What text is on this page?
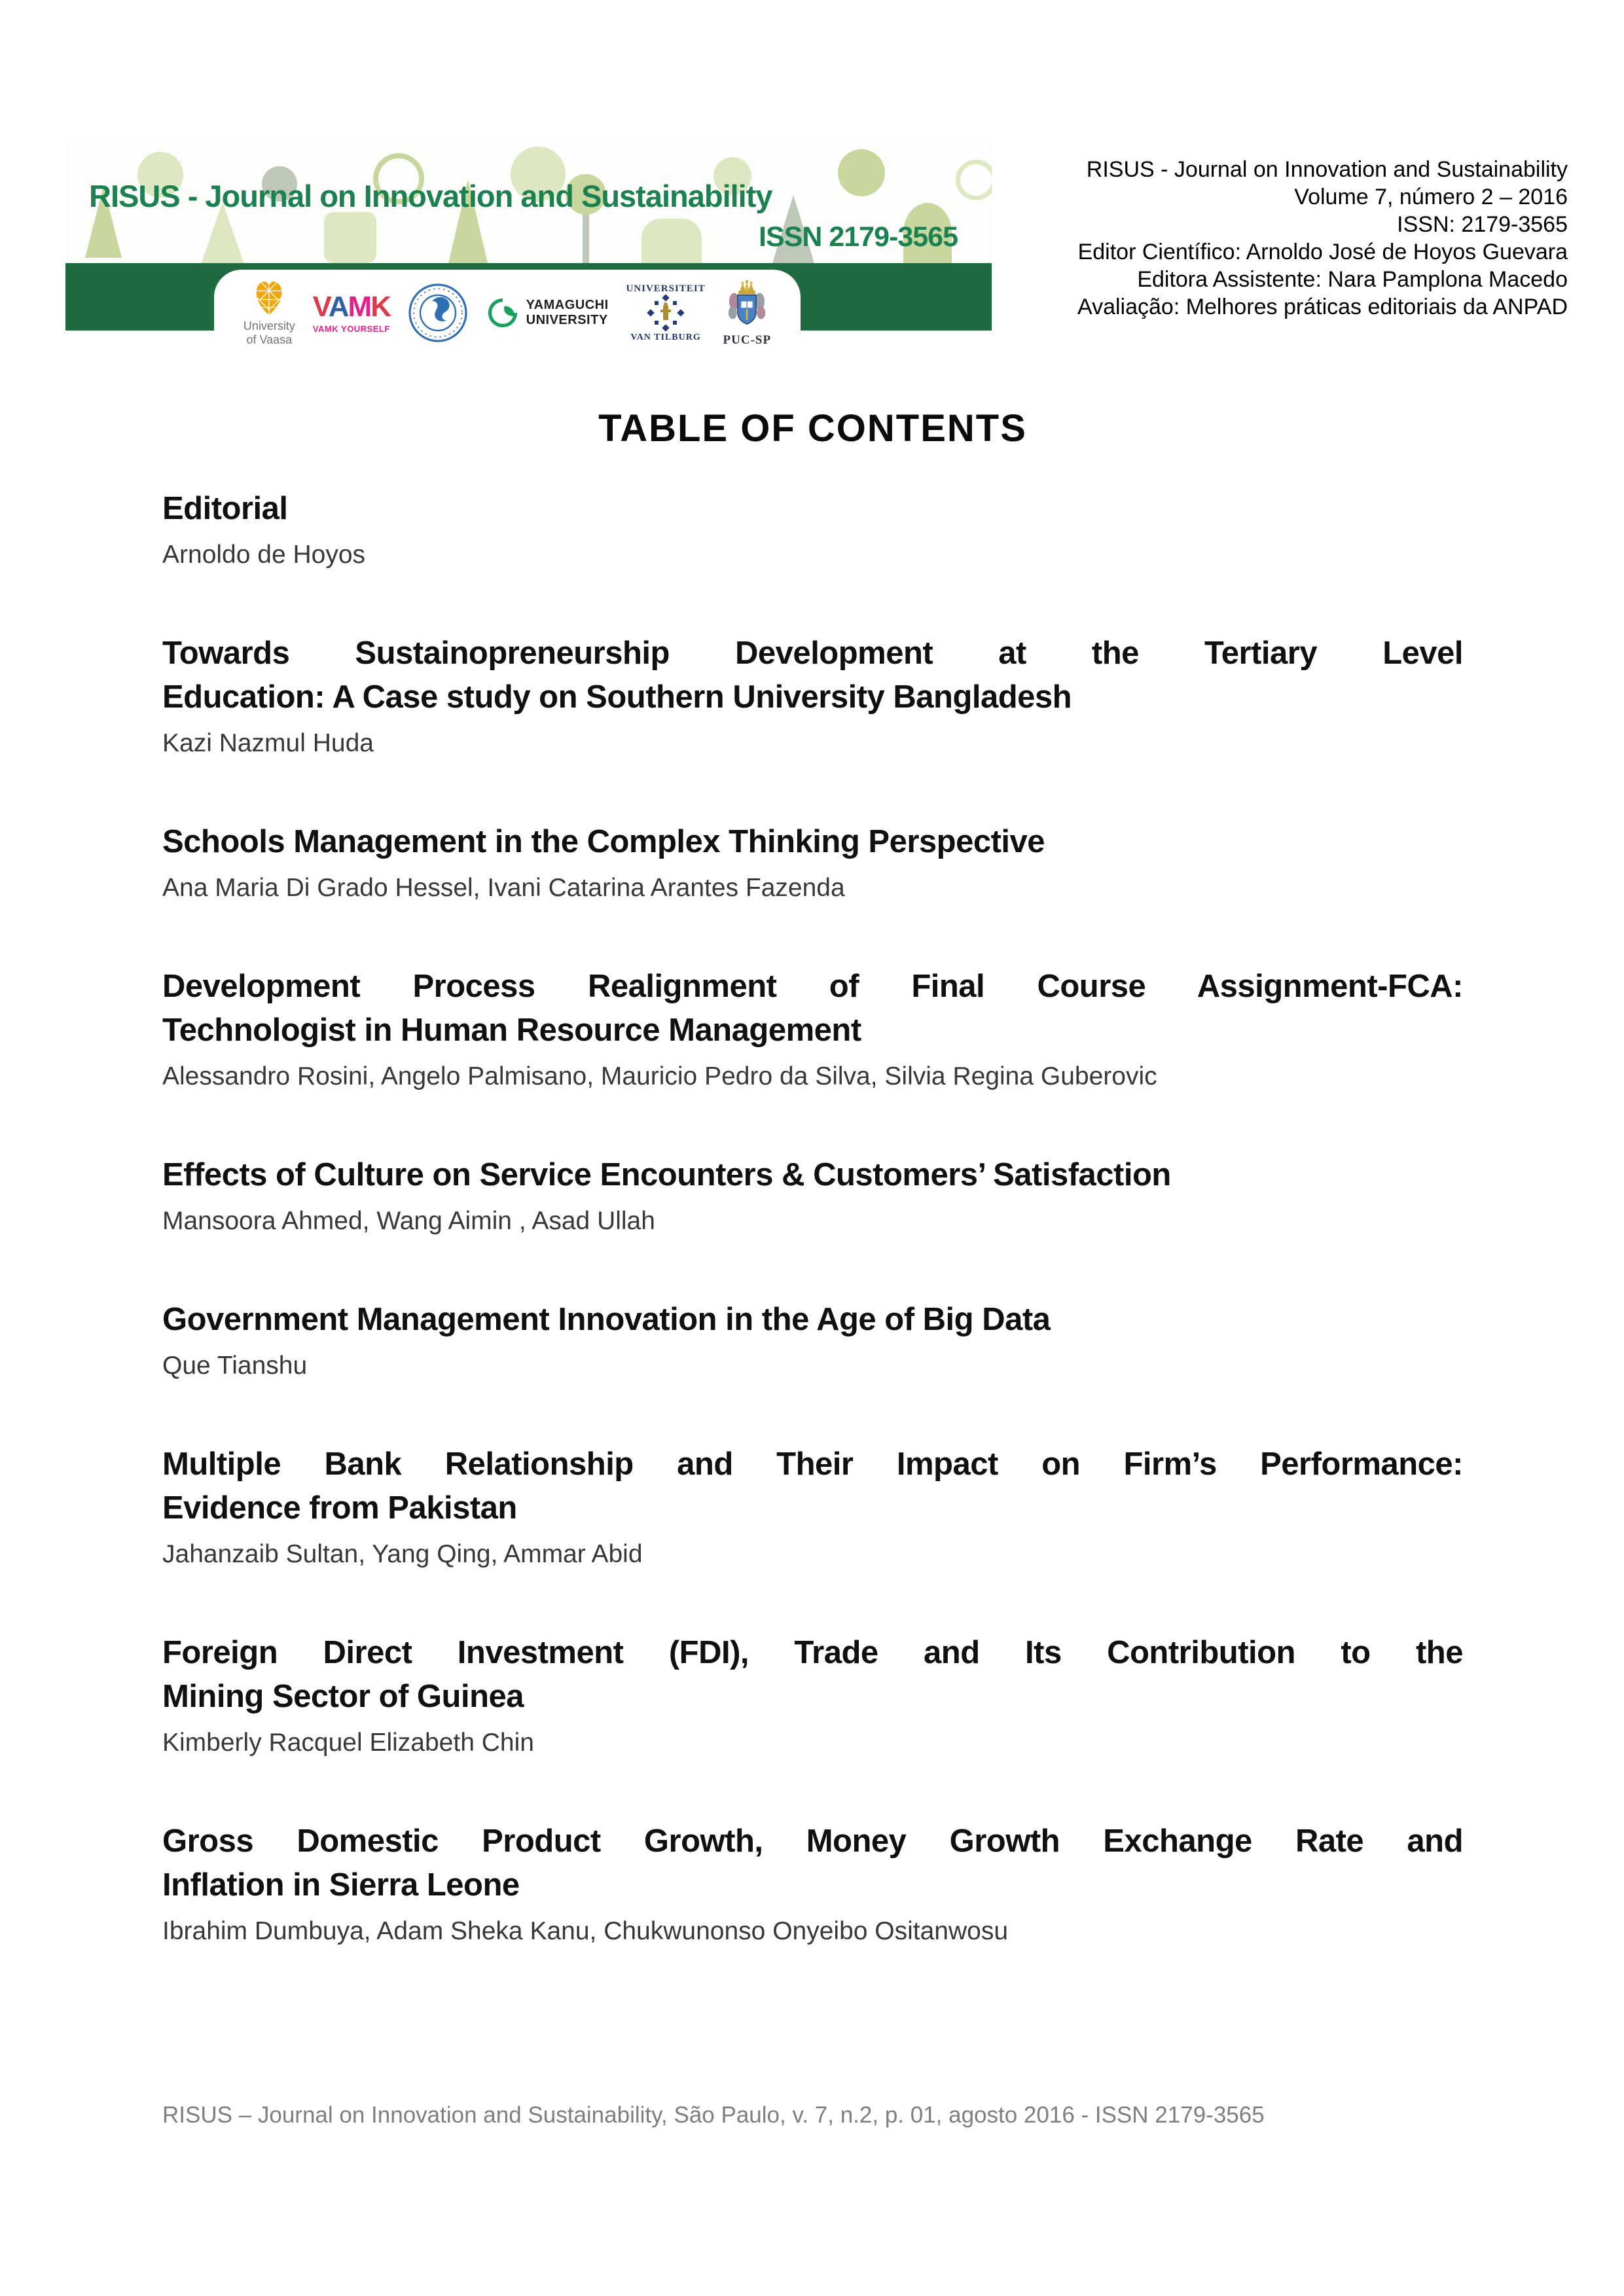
RISUS - Journal on Innovation and Sustainability
ISSN 2179-3565
University
of Vaasa
VAMK
VAMK YOURSELF
YAMAGUCHI
UNIVERSITY
UNIVERSITEIT
VAN TILBURG PUC-SP
RISUS - Journal on Innovation and Sustainability
Volume 7, número 2 – 2016
ISSN: 2179-3565
Editor Científico: Arnoldo José de Hoyos Guevara
Editora Assistente: Nara Pamplona Macedo
Avaliação: Melhores práticas editoriais da ANPAD
TABLE OF CONTENTS
Editorial
Arnoldo de Hoyos
Towards Sustainopreneurship Development at the Tertiary Level
Education: A Case study on Southern University Bangladesh
Kazi Nazmul Huda
Schools Management in the Complex Thinking Perspective
Ana Maria Di Grado Hessel, Ivani Catarina Arantes Fazenda
Development Process Realignment of Final Course Assignment-FCA:
Technologist in Human Resource Management
Alessandro Rosini, Angelo Palmisano, Mauricio Pedro da Silva, Silvia Regina Guberovic
Effects of Culture on Service Encounters & Customers’ Satisfaction
Mansoora Ahmed, Wang Aimin , Asad Ullah
Government Management Innovation in the Age of Big Data
Que Tianshu
Multiple Bank Relationship and Their Impact on Firm’s Performance:
Evidence from Pakistan
Jahanzaib Sultan, Yang Qing, Ammar Abid
Foreign Direct Investment (FDI), Trade and Its Contribution to the
Mining Sector of Guinea
Kimberly Racquel Elizabeth Chin
Gross Domestic Product Growth, Money Growth Exchange Rate and
Inflation in Sierra Leone
Ibrahim Dumbuya, Adam Sheka Kanu, Chukwunonso Onyeibo Ositanwosu
RISUS – Journal on Innovation and Sustainability, São Paulo, v. 7, n.2, p. 01, agosto 2016 - ISSN 2179-3565
